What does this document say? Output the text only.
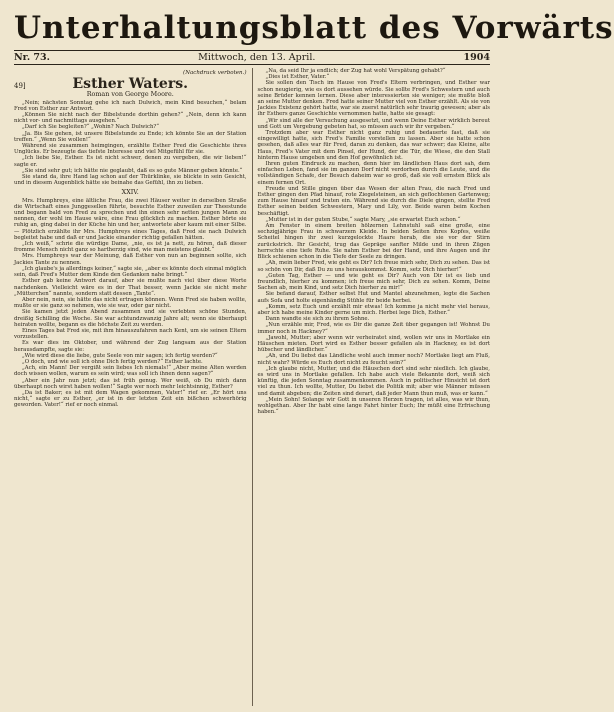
Unterhaltungsblatt des Vorwärts
Nr. 73.	Mittwoch, den 13. April.	1904
(Nachdruck verboten.)
49]	Esther Waters.
Roman von George Moore.

„Nein; nächsten Sonntag gehe ich nach Dulwich, mein Kind besuchen,“ belam Fred von Esther zur Antwort.

„Können Sie nicht nach der Bibelstunde dorthin gehen?“ „Nein, denn ich kann nicht vor- und nachmittags ausgehen.“

„Darf ich Sie begleiten?“ „Wohin? Nach Dulwich?“

„Ja. Bis Sie gehen, ist unsere Bibelstunde zu Ende; ich könnte Sie an der Station treffen.“ „Wenn Sie wollen!“

Während sie zusammen heimgingen, erzählte Esther Fred die Geschichte ihres Unglücks. Er bezeugte das tiefste Interesse und viel Mitgefühl für sie.

„Ich liebe Sie, Esther. Es ist nicht schwer, denen zu vergeben, die wir lieben!“ sagte er.

„Sie sind sehr gut; ich hätte nie geglaubt, daß es so gute Männer geben könnte.“

Sie stand da, ihre Hand lag schon auf der Thürklinke, sie blickte in sein Gesicht, und in diesem Augenblick hätte sie beinahe das Gefühl, ihn zu lieben.

XXIV.

Mrs. Humphreys, eine ältliche Frau, die zwei Häuser weiter in derselben Straße die Wirtschaft eines Junggesellen führte, besuchte Esther zuweilen zur Theestunde und begann bald von Fred zu sprechen und ihn einen sehr netten jungen Mann zu nennen, der wohl im Hause wäre, eine Frau glücklich zu machen. Esther hörte sie ruhig an, ging dabei in der Küche hin und her, antwortete aber kaum mit einer Silbe. — Plötzlich erzählte ihr Mrs. Humphreys eines Tages, daß Fred sie nach Dulwich begleitet habe und daß er und Jackie einander richtig gefallen hätten.

„Ich weiß,“ schrie die würdige Dame, „nie, es ist ja nett, zu hören, daß dieser fromme Mensch nicht ganz so hartherzig sind, wie man meistens glaubt.“

Mrs. Humphreys war der Meinung, daß Esther von nun an beginnen sollte, sich Jackies Tante zu nennen.

„Ich glaube's ja allerdings keiner,“ sagte sie, „aber es könnte doch einmal möglich sein, daß Fred's Mutter dem Kinde den Gedanken nahe bringt.“

Esther gab keine Antwort darauf, aber sie mußte nach viel über diese Worte nachdenken. Vielleicht wäre es in der That besser, wenn Jackie sie nicht mehr „Mütterchen“ nannte, sondern statt dessen „Tante“.

Aber nein, nein, sie hätte das nicht ertragen können. Wenn Fred sie haben wollte, mußte er sie ganz so nehmen, wie sie war, oder gar nicht.

Sie kamen jetzt jeden Abend zusammen und sie verlebten schöne Stunden, dreißig Schilling die Woche. Sie war achtundzwanzig Jahre alt; wenn sie überhaupt heiraten wollte, begann es die höchste Zeit zu werden.

Eines Tages bat Fred sie, mit ihm hinauszufahren nach Kent, um sie seinen Eltern vorzustellen.

Es war dies im Oktober, und während der Zug langsam aus der Station herausdampfte, sagte sie:

„Wie wird diese die liebe, gute Seele von mir sagen; ich fertig werden?“

„O doch, und wie soll ich ohne Dich fertig werden?“ Esther lachte.

„Ach, ein Mann! Der vergißt sein liebes Ich niemals!“ „Aber meine Alten werden doch wissen wollen, warum es sein wird; was soll ich ihnen denn sagen?“

„Aber ein Jahr nun jetzt; das ist früh genug. Wer weiß, ob Du mich dann überhaupt noch wirst haben wollen!“ Sagte wer noch mehr leichtsinnig, Esther?

„Da ist Baker; es ist mit dem Wagen gekommen, Vater!“ rief er. „Er hört uns nicht,“ sagte er zu Esther, „er ist in der letzten Zeit ein bißchen schwerhörig geworden. Vater!“ rief er noch einmal.

„Na, da seid Ihr ja endlich; der Zug hat wohl Verspätung gehabt?“

„Dies ist Esther, Vater.“

Sie sollen den Tisch im Hause von Fred's Eltern verbringen, und Esther war schon neugierig, wie es dort aussehen würde. Sie sollte Fred's Schwestern und auch seine Brüder kennen lernen. Diese aber interessierten sie weniger; sie mußte bloß an seine Mutter denken. Fred hatte seiner Mutter viel von Esther erzählt. Als sie von Jackies Existenz gehört hatte, war sie zuerst natürlich sehr traurig gewesen; aber als ihr Esthers ganze Geschichte vernommen hatte, hatte sie gesagt:

„Wir sind alle der Versuchung ausgesetzt, und wenn Deine Esther wirklich bereut und Gott um Vergebung gebeten hat, so müssen auch wir ihr vergeben.“

Trotzdem aber war Esther nicht ganz ruhig und bedauerte fast, daß sie eingewilligt hatte, sich Fred's Familie vorstellen zu lassen. Aber sie hatte schon gesehen, daß alles war für Fred, daran zu denken, das war schwer; das Kleine, alte Haus, Fred’s Vater mit dem Pinsel, der Hund, der die Tür, die Wiese, die den Stall hinterm Hause umgeben und den Hof gewöhnlich ist.

Ihren guten Eindruck zu machen, denn hier im ländlichen Haus dort sah, dem einfachen Leben, fand sie im ganzen Dorf nicht verdorben durch die Leute, und die vollständigen Schafe, der Besuch daheim war so groß, daß sie voll ernsten Blick als einem fernen Ort.

Freude und Stille gingen über das Wesen der alten Frau, die nach Fred und Esther gingen den Pfad hinauf, rote Ziegelsteinen, an sich geflochtenen Gartenweg; zum Hause hinauf und traten ein. Während sie durch die Diele gingen, stellte Fred Esther seinen beiden Schwestern, Mary und Lily, vor. Beide waren beim Kochen beschäftigt.

„Mutter ist in der guten Stube,“ sagte Mary, „sie erwartet Euch schon.“

Am Fenster in einem breiten hölzernen Lehnstuhl saß eine große, eine sechzigjährige Frau in schwarzem Kleide. In beiden Seiten ihres Kopfes, weiße Scheitel hingen ihr zwei kurzgelockte Haare herab, die sie vor der Stirn zurückstrich. Ihr Gesicht, trug das Gepräge sanfter Milde und in ihren Zügen herrschte eine tiefe Ruhe. Sie nahm Esther bei der Hand, und ihre Augen und ihr Blick schienen schon in die Tiefe der Seele zu dringen.

„Ah, mein lieber Fred, wie geht es Dir? Ich freue mich sehr, Dich zu sehen. Das ist so schön von Dir, daß Du zu uns herauskommst. Komm, setz Dich hierher!“

„Guten Tag, Esther — und wie geht es Dir? Auch von Dir ist es lieb und freundlich, hierher zu kommen; ich freue mich sehr, Dich zu sehen. Komm, Deine Sachen ab, mein Kind, und setz Dich hierher zu mir!“

Sie befand darauf, Esther selbst Hut und Mantel abzunehmen, legte die Sachen aufs Sofa und holte eigenhändig Stühle für beide herbei.

„Komm, setz Euch und erzählt mir etwas! Ich komme ja nicht mehr viel heraus, aber ich habe meine Kinder gerne um mich. Herbei lege Dich, Esther.“

Dann wandte sie sich zu ihrem Sohne.

„Nun erzähle mir, Fred, wie es Dir die ganze Zeit über gegangen ist! Wohnst Du immer noch in Hackney?“

„Jawohl, Mutter; aber wenn wir verheiratet sind, wollen wir uns in Mortlake ein Häuschen mieten. Dort wird es Esther besser gefallen als in Hackney, es ist dort hübscher und ländlicher.“

„Ah, und Du liebst das Ländliche wohl auch immer noch? Mortlake liegt am Fluß, nicht wahr? Würde es Euch dort nicht zu feucht sein?“

„Ich glaube nicht, Mutter, und die Häuschen dort sind sehr niedlich. Ich glaube, es wird uns in Mortlake gefallen. Ich habe auch viele Bekannte dort, weiß sich künftig, die jeden Sonntag zusammenkommen. Auch in politischer Hinsicht ist dort viel zu thun. Ich wollte, Mutter, Du liebst die Politik mit; aber wie Männer müssen und damit abgeben; die Zeiten sind derart, daß jeder Mann thun muß, was er kann.“

„Mein Sohn! Solange wir Gott in unseren Herzen tragen, ist alles, was wir thun, wohlgethan. Aber Ihr habt eine lange Fahrt hinter Euch; Ihr müßt eine Erfrischung haben.“
